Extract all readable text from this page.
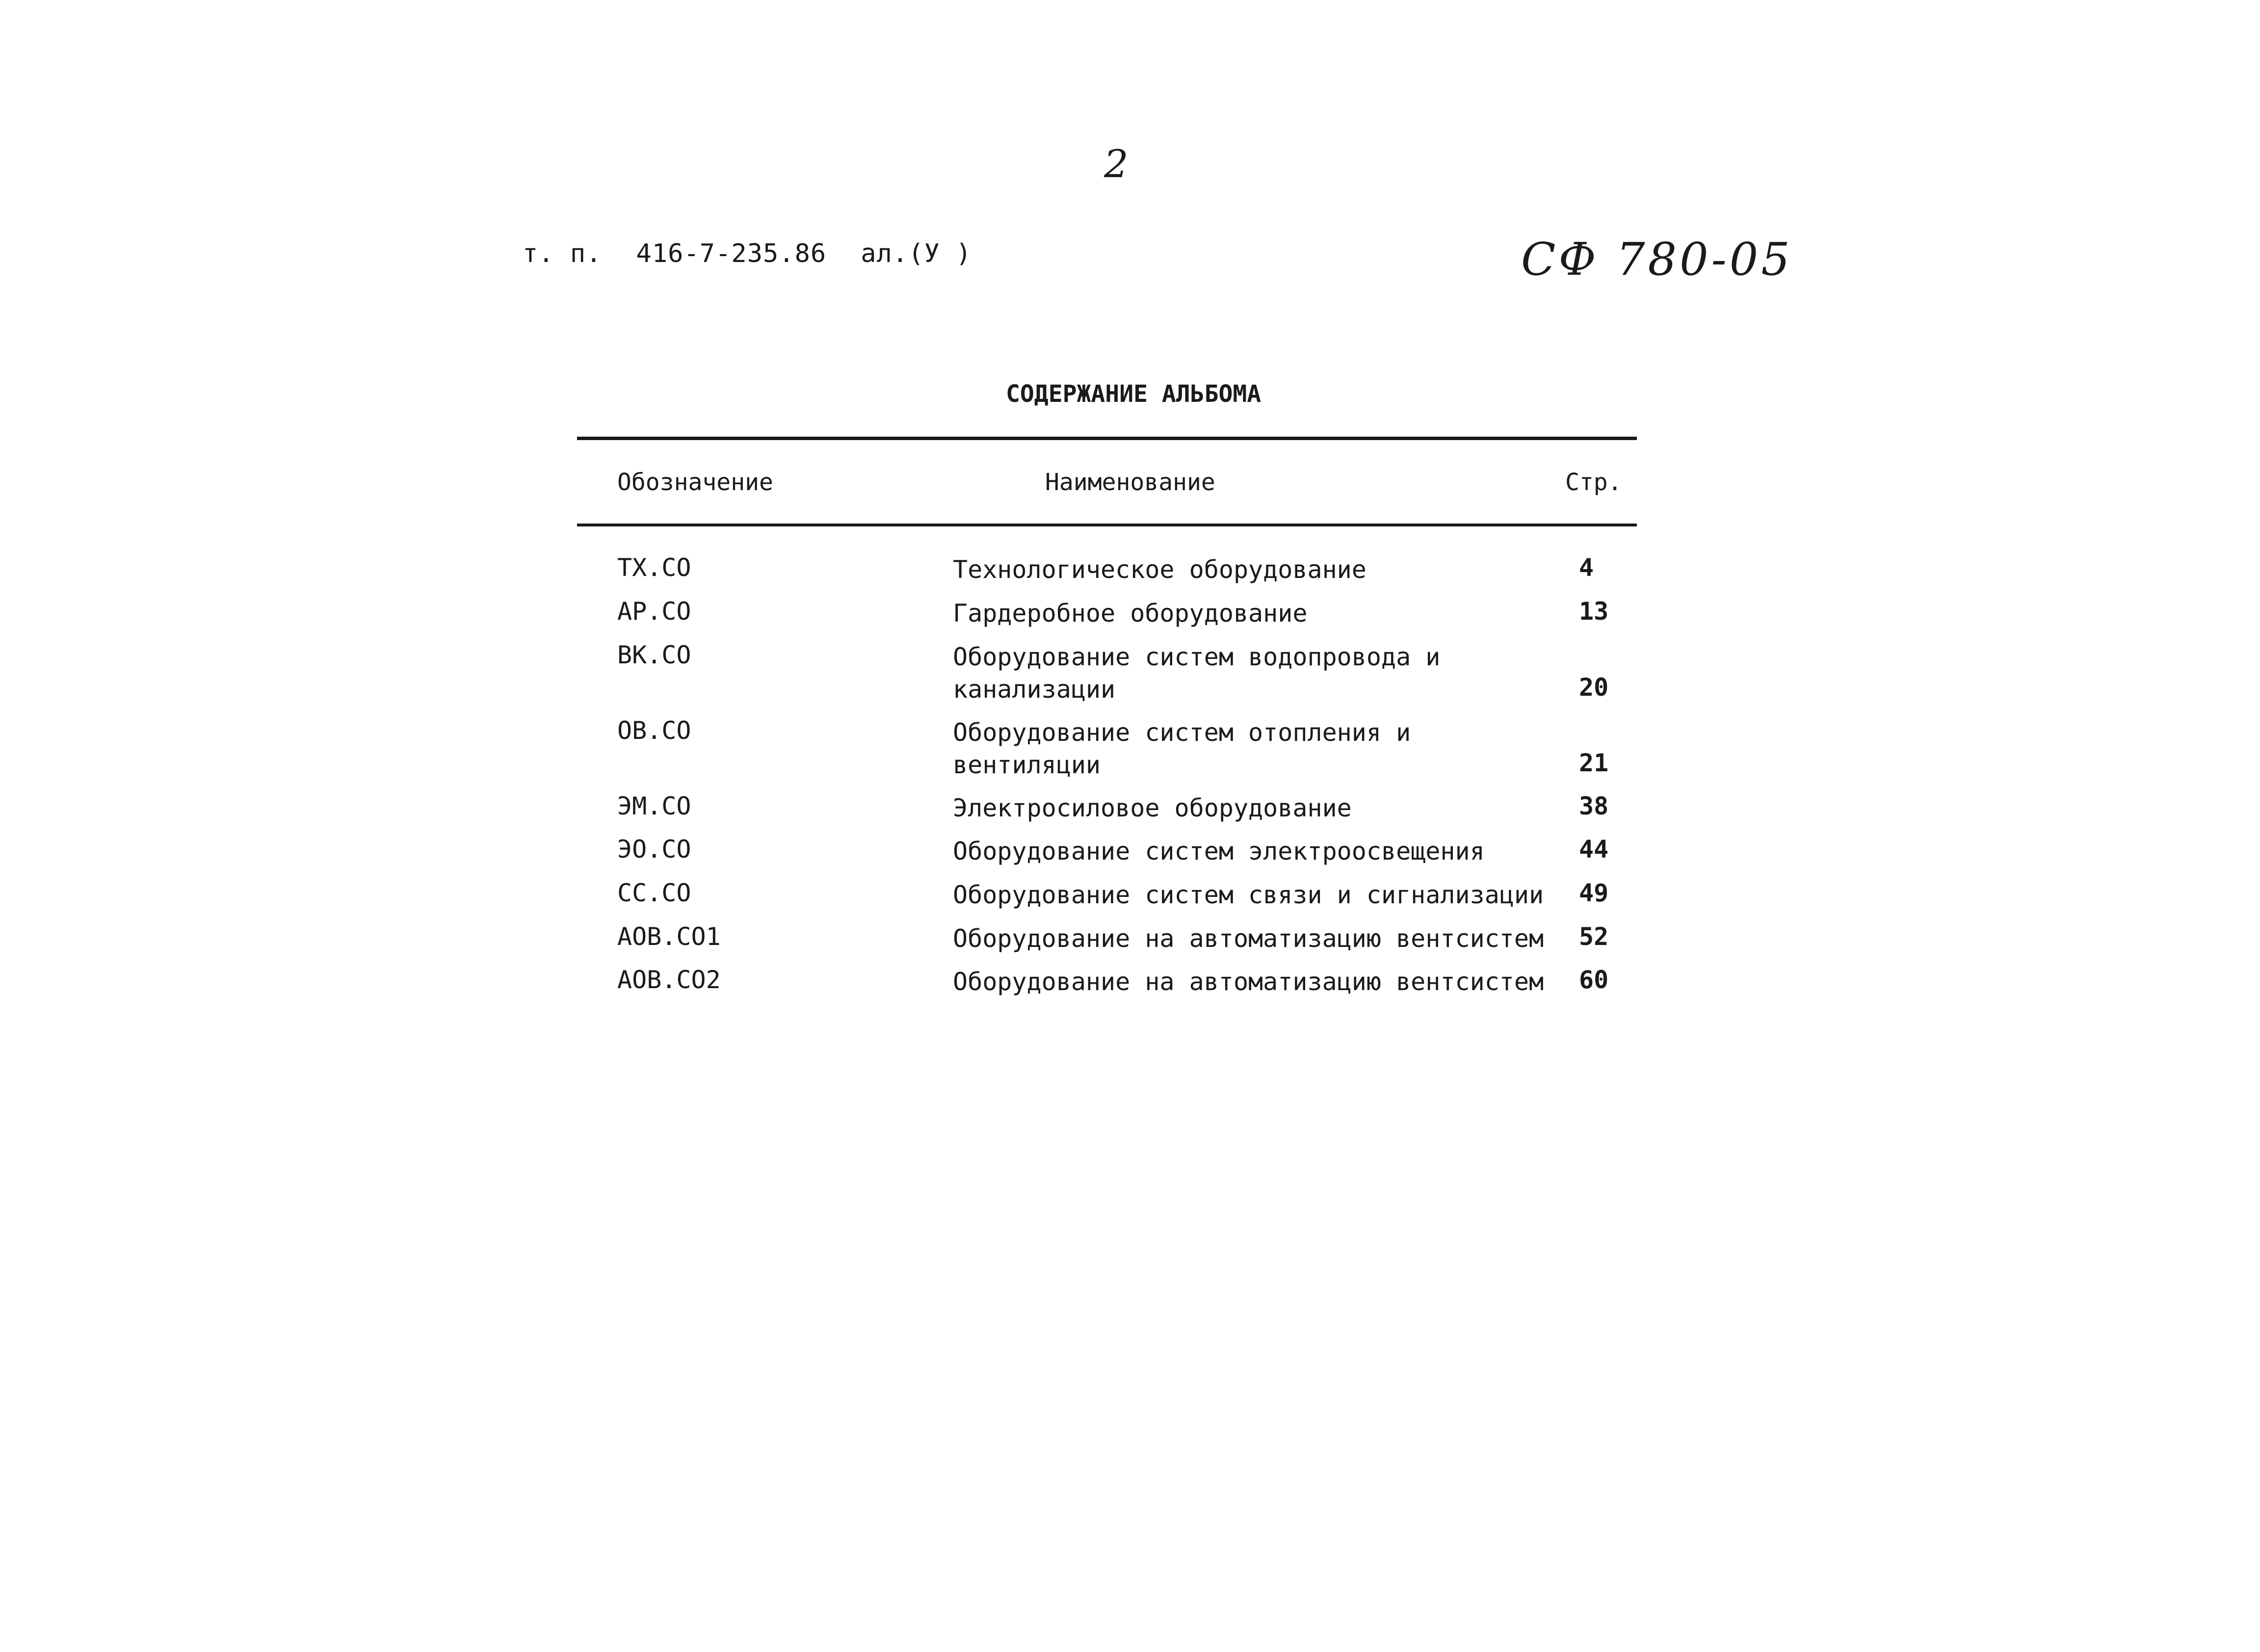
2
т. п. 416-7-235.86 ал.(У )	СФ 780-05
СОДЕРЖАНИЕ АЛЬБОМА
Обозначение	Наименование	Стр.
ТХ.СО	Технологическое оборудование	4
АР.СО	Гардеробное оборудование	13
ВК.СО	Оборудование систем водопровода и
канализации	20
ОВ.СО	Оборудование систем отопления и
вентиляции	21
ЭМ.СО	Электросиловое оборудование	38
ЭО.СО	Оборудование систем электроосвещения	44
СС.СО	Оборудование систем связи и сигнализации 49
АОВ.СО1	Оборудование на автоматизацию вентсистем 52
АОВ.СО2	Оборудование на автоматизацию вентсистем 60
